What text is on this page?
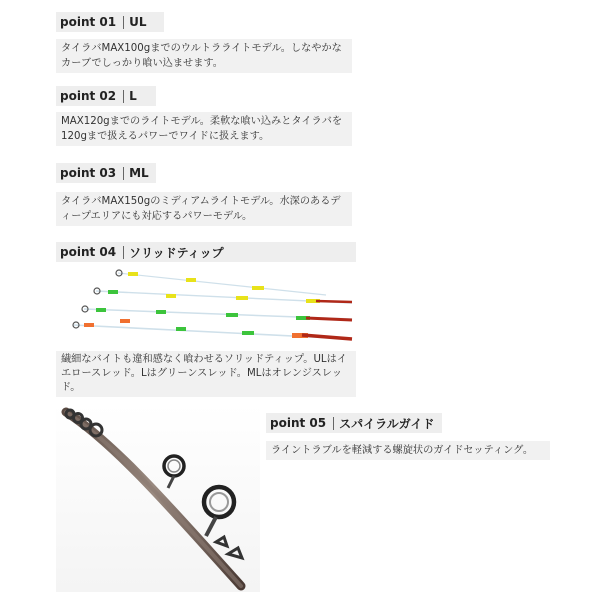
point 01 UL
タイラバMAX100gまでのウルトラライトモデル。しなやかなカーブでしっかり喰い込ませます。
point 02 L
MAX120gまでのライトモデル。柔軟な喰い込みとタイラバを120gまで扱えるパワーでワイドに扱えます。
point 03 ML
タイラバMAX150gのミディアムライトモデル。水深のあるディープエリアにも対応するパワーモデル。
point 04 ソリッドティップ
繊細なバイトも違和感なく喰わせるソリッドティップ。ULはイエロースレッド。Lはグリーンスレッド。MLはオレンジスレッド。
point 05 スパイラルガイド
ライントラブルを軽減する螺旋状のガイドセッティング。
